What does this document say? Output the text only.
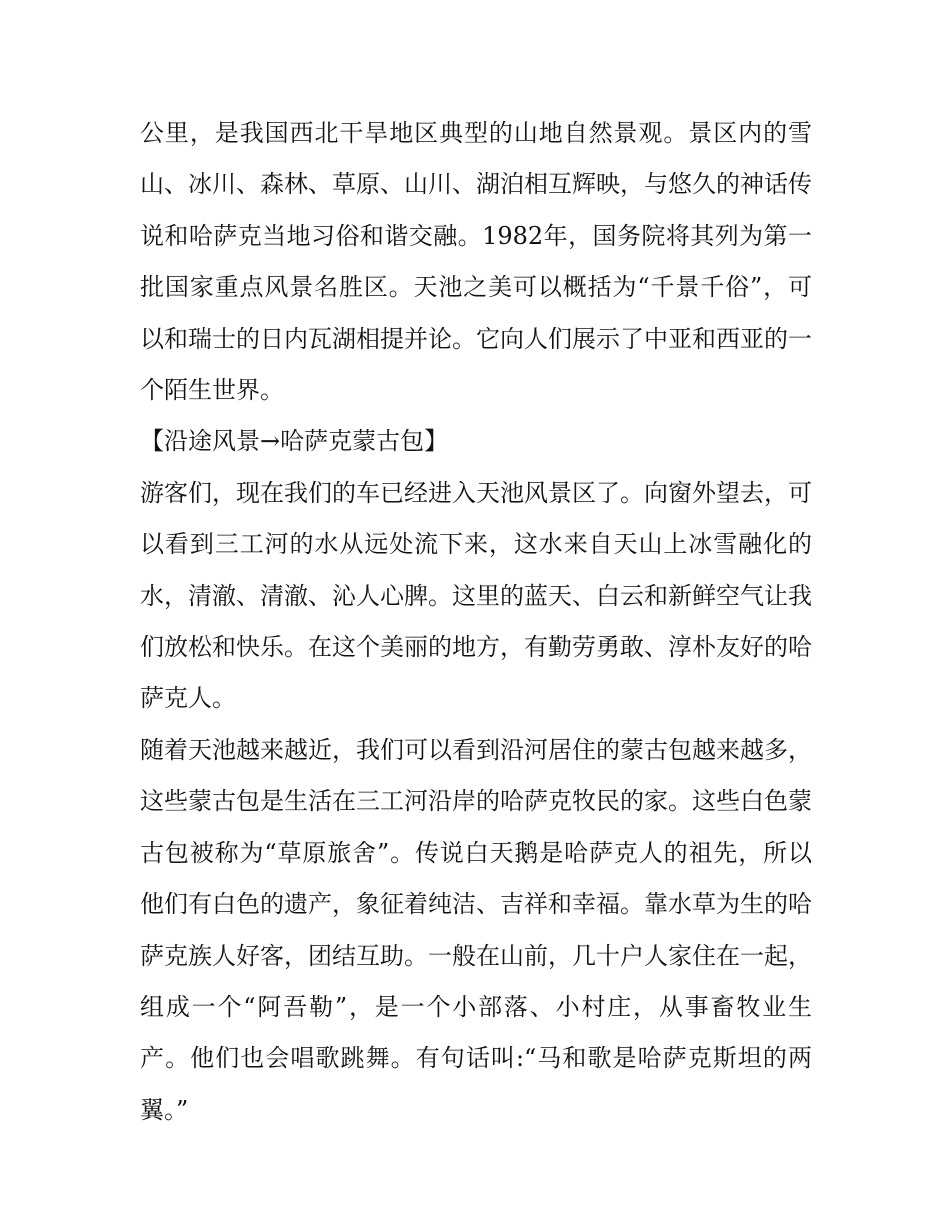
公里，是我国西北干旱地区典型的山地自然景观。景区内的雪山、冰川、森林、草原、山川、湖泊相互辉映，与悠久的神话传说和哈萨克当地习俗和谐交融。1982年，国务院将其列为第一批国家重点风景名胜区。天池之美可以概括为“千景千俗”，可以和瑞士的日内瓦湖相提并论。它向人们展示了中亚和西亚的一个陌生世界。

【沿途风景→哈萨克蒙古包】

游客们，现在我们的车已经进入天池风景区了。向窗外望去，可以看到三工河的水从远处流下来，这水来自天山上冰雪融化的水，清澈、清澈、沁人心脾。这里的蓝天、白云和新鲜空气让我们放松和快乐。在这个美丽的地方，有勤劳勇敢、淳朴友好的哈萨克人。

随着天池越来越近，我们可以看到沿河居住的蒙古包越来越多，这些蒙古包是生活在三工河沿岸的哈萨克牧民的家。这些白色蒙古包被称为“草原旅舍”。传说白天鹅是哈萨克人的祖先，所以他们有白色的遗产，象征着纯洁、吉祥和幸福。靠水草为生的哈萨克族人好客，团结互助。一般在山前，几十户人家住在一起，组成一个“阿吾勒”，是一个小部落、小村庄，从事畜牧业生产。他们也会唱歌跳舞。有句话叫:“马和歌是哈萨克斯坦的两翼。”
